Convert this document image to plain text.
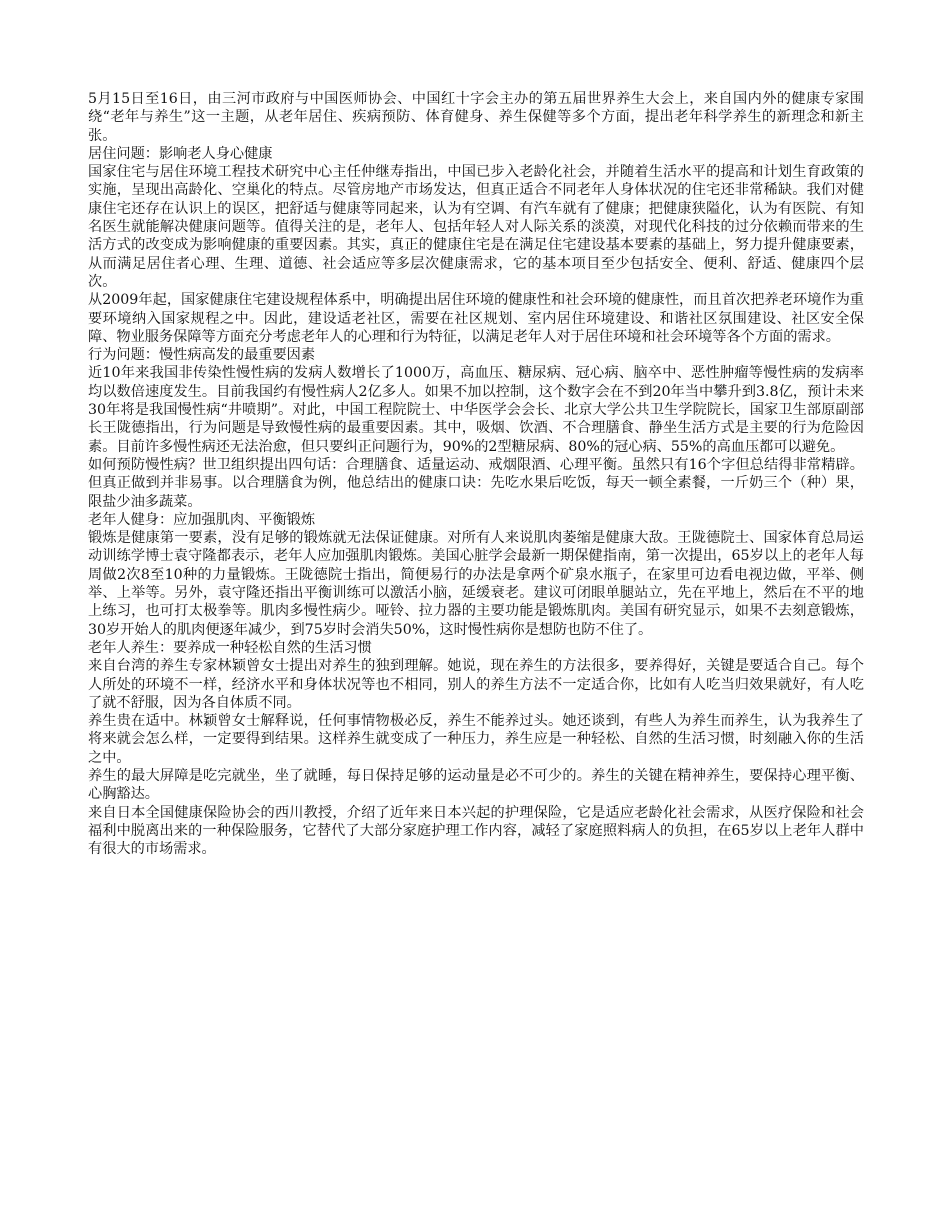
5月15日至16日，由三河市政府与中国医师协会、中国红十字会主办的第五届世界养生大会上，来自国内外的健康专家围绕“老年与养生”这一主题，从老年居住、疾病预防、体育健身、养生保健等多个方面，提出老年科学养生的新理念和新主张。

居住问题：影响老人身心健康

国家住宅与居住环境工程技术研究中心主任仲继寿指出，中国已步入老龄化社会，并随着生活水平的提高和计划生育政策的实施，呈现出高龄化、空巢化的特点。尽管房地产市场发达，但真正适合不同老年人身体状况的住宅还非常稀缺。我们对健康住宅还存在认识上的误区，把舒适与健康等同起来，认为有空调、有汽车就有了健康；把健康狭隘化，认为有医院、有知名医生就能解决健康问题等。值得关注的是，老年人、包括年轻人对人际关系的淡漠，对现代化科技的过分依赖而带来的生活方式的改变成为影响健康的重要因素。其实，真正的健康住宅是在满足住宅建设基本要素的基础上，努力提升健康要素，从而满足居住者心理、生理、道德、社会适应等多层次健康需求，它的基本项目至少包括安全、便利、舒适、健康四个层次。

从2009年起，国家健康住宅建设规程体系中，明确提出居住环境的健康性和社会环境的健康性，而且首次把养老环境作为重要环境纳入国家规程之中。因此，建设适老社区，需要在社区规划、室内居住环境建设、和谐社区氛围建设、社区安全保障、物业服务保障等方面充分考虑老年人的心理和行为特征，以满足老年人对于居住环境和社会环境等各个方面的需求。

行为问题：慢性病高发的最重要因素

近10年来我国非传染性慢性病的发病人数增长了1000万，高血压、糖尿病、冠心病、脑卒中、恶性肿瘤等慢性病的发病率均以数倍速度发生。目前我国约有慢性病人2亿多人。如果不加以控制，这个数字会在不到20年当中攀升到3.8亿，预计未来30年将是我国慢性病“井喷期”。对此，中国工程院院士、中华医学会会长、北京大学公共卫生学院院长，国家卫生部原副部长王陇德指出，行为问题是导致慢性病的最重要因素。其中，吸烟、饮酒、不合理膳食、静坐生活方式是主要的行为危险因素。目前许多慢性病还无法治愈，但只要纠正问题行为，90%的2型糖尿病、80%的冠心病、55%的高血压都可以避免。

如何预防慢性病？世卫组织提出四句话：合理膳食、适量运动、戒烟限酒、心理平衡。虽然只有16个字但总结得非常精辟。但真正做到并非易事。以合理膳食为例，他总结出的健康口诀：先吃水果后吃饭，每天一顿全素餐，一斤奶三个（种）果，限盐少油多蔬菜。

老年人健身：应加强肌肉、平衡锻炼

锻炼是健康第一要素，没有足够的锻炼就无法保证健康。对所有人来说肌肉萎缩是健康大敌。王陇德院士、国家体育总局运动训练学博士袁守隆都表示，老年人应加强肌肉锻炼。美国心脏学会最新一期保健指南，第一次提出，65岁以上的老年人每周做2次8至10种的力量锻炼。王陇德院士指出，简便易行的办法是拿两个矿泉水瓶子，在家里可边看电视边做，平举、侧举、上举等。另外，袁守隆还指出平衡训练可以激活小脑，延缓衰老。建议可闭眼单腿站立，先在平地上，然后在不平的地上练习，也可打太极拳等。肌肉多慢性病少。哑铃、拉力器的主要功能是锻炼肌肉。美国有研究显示，如果不去刻意锻炼，30岁开始人的肌肉便逐年减少，到75岁时会消失50%，这时慢性病你是想防也防不住了。

老年人养生：要养成一种轻松自然的生活习惯

来自台湾的养生专家林颖曾女士提出对养生的独到理解。她说，现在养生的方法很多，要养得好，关键是要适合自己。每个人所处的环境不一样，经济水平和身体状况等也不相同，别人的养生方法不一定适合你，比如有人吃当归效果就好，有人吃了就不舒服，因为各自体质不同。

养生贵在适中。林颖曾女士解释说，任何事情物极必反，养生不能养过头。她还谈到，有些人为养生而养生，认为我养生了将来就会怎么样，一定要得到结果。这样养生就变成了一种压力，养生应是一种轻松、自然的生活习惯，时刻融入你的生活之中。

养生的最大屏障是吃完就坐，坐了就睡，每日保持足够的运动量是必不可少的。养生的关键在精神养生，要保持心理平衡、心胸豁达。

来自日本全国健康保险协会的西川教授，介绍了近年来日本兴起的护理保险，它是适应老龄化社会需求，从医疗保险和社会福利中脱离出来的一种保险服务，它替代了大部分家庭护理工作内容，减轻了家庭照料病人的负担，在65岁以上老年人群中有很大的市场需求。
